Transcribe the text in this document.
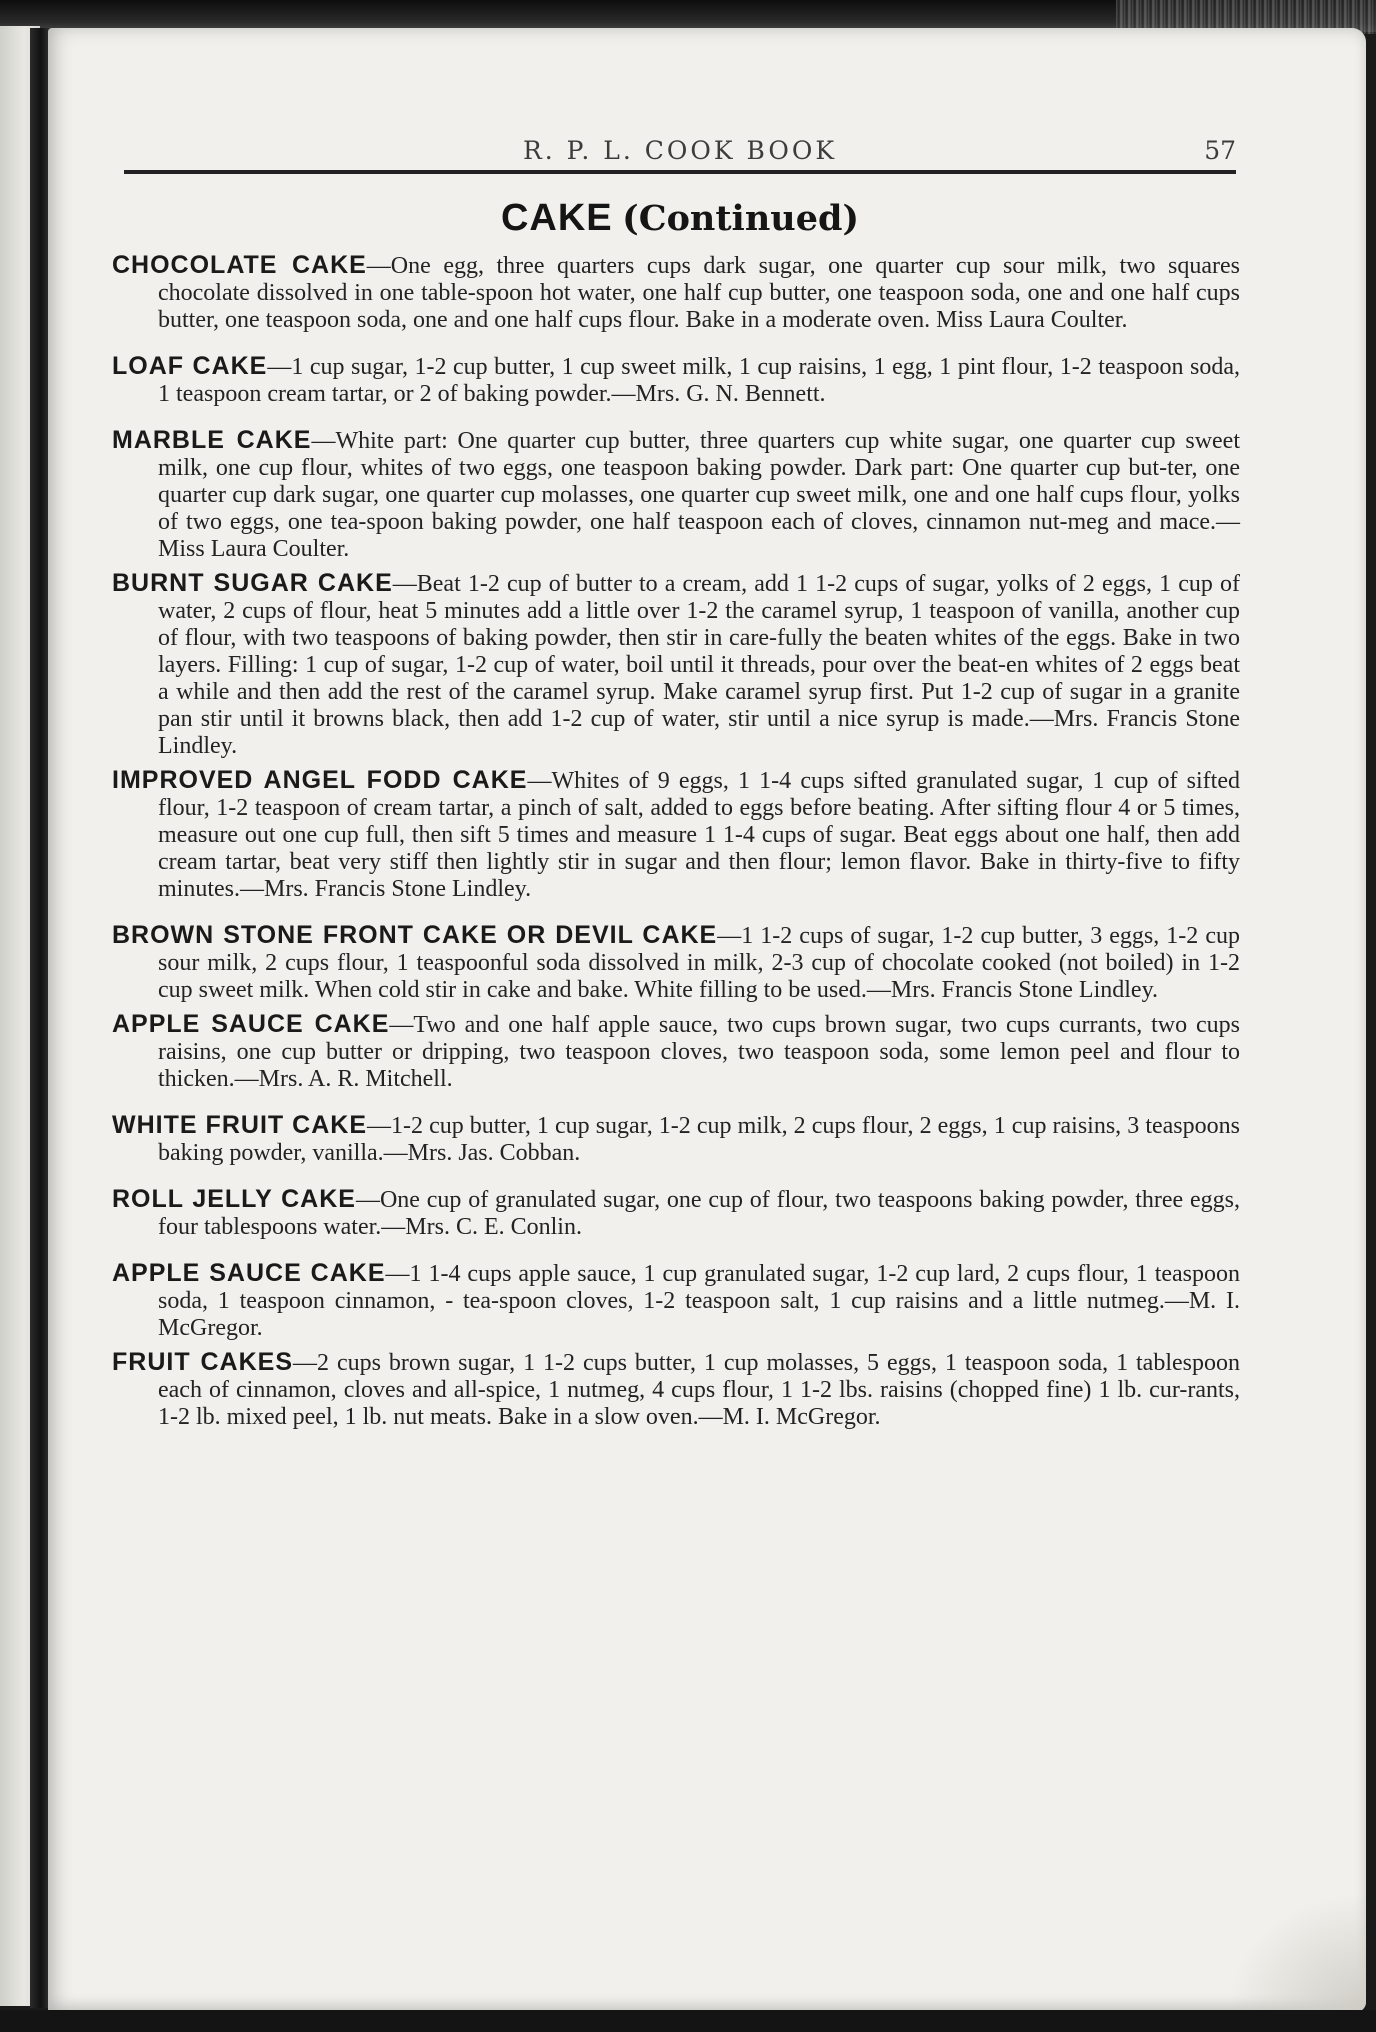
R. P. L. COOK BOOK	57
CAKE (Continued)

CHOCOLATE CAKE—One egg, three quarters cups dark sugar, one quarter cup sour milk, two squares chocolate dissolved in one table-spoon hot water, one half cup butter, one teaspoon soda, one and one half cups butter, one teaspoon soda, one and one half cups flour. Bake in a moderate oven. Miss Laura Coulter.

LOAF CAKE—1 cup sugar, 1-2 cup butter, 1 cup sweet milk, 1 cup raisins, 1 egg, 1 pint flour, 1-2 teaspoon soda, 1 teaspoon cream tartar, or 2 of baking powder.—Mrs. G. N. Bennett.

MARBLE CAKE—White part: One quarter cup butter, three quarters cup white sugar, one quarter cup sweet milk, one cup flour, whites of two eggs, one teaspoon baking powder. Dark part: One quarter cup but-ter, one quarter cup dark sugar, one quarter cup molasses, one quarter cup sweet milk, one and one half cups flour, yolks of two eggs, one tea-spoon baking powder, one half teaspoon each of cloves, cinnamon nut-meg and mace.—Miss Laura Coulter.

BURNT SUGAR CAKE—Beat 1-2 cup of butter to a cream, add 1 1-2 cups of sugar, yolks of 2 eggs, 1 cup of water, 2 cups of flour, heat 5 minutes add a little over 1-2 the caramel syrup, 1 teaspoon of vanilla, another cup of flour, with two teaspoons of baking powder, then stir in care-fully the beaten whites of the eggs. Bake in two layers. Filling: 1 cup of sugar, 1-2 cup of water, boil until it threads, pour over the beat-en whites of 2 eggs beat a while and then add the rest of the caramel syrup. Make caramel syrup first. Put 1-2 cup of sugar in a granite pan stir until it browns black, then add 1-2 cup of water, stir until a nice syrup is made.—Mrs. Francis Stone Lindley.

IMPROVED ANGEL FODD CAKE—Whites of 9 eggs, 1 1-4 cups sifted granulated sugar, 1 cup of sifted flour, 1-2 teaspoon of cream tartar, a pinch of salt, added to eggs before beating. After sifting flour 4 or 5 times, measure out one cup full, then sift 5 times and measure 1 1-4 cups of sugar. Beat eggs about one half, then add cream tartar, beat very stiff then lightly stir in sugar and then flour; lemon flavor. Bake in thirty-five to fifty minutes.—Mrs. Francis Stone Lindley.

BROWN STONE FRONT CAKE OR DEVIL CAKE—1 1-2 cups of sugar, 1-2 cup butter, 3 eggs, 1-2 cup sour milk, 2 cups flour, 1 teaspoonful soda dissolved in milk, 2-3 cup of chocolate cooked (not boiled) in 1-2 cup sweet milk. When cold stir in cake and bake. White filling to be used.—Mrs. Francis Stone Lindley.

APPLE SAUCE CAKE—Two and one half apple sauce, two cups brown sugar, two cups currants, two cups raisins, one cup butter or dripping, two teaspoon cloves, two teaspoon soda, some lemon peel and flour to thicken.—Mrs. A. R. Mitchell.

WHITE FRUIT CAKE—1-2 cup butter, 1 cup sugar, 1-2 cup milk, 2 cups flour, 2 eggs, 1 cup raisins, 3 teaspoons baking powder, vanilla.—Mrs. Jas. Cobban.

ROLL JELLY CAKE—One cup of granulated sugar, one cup of flour, two teaspoons baking powder, three eggs, four tablespoons water.—Mrs. C. E. Conlin.

APPLE SAUCE CAKE—1 1-4 cups apple sauce, 1 cup granulated sugar, 1-2 cup lard, 2 cups flour, 1 teaspoon soda, 1 teaspoon cinnamon, - tea-spoon cloves, 1-2 teaspoon salt, 1 cup raisins and a little nutmeg.—M. I. McGregor.

FRUIT CAKES—2 cups brown sugar, 1 1-2 cups butter, 1 cup molasses, 5 eggs, 1 teaspoon soda, 1 tablespoon each of cinnamon, cloves and all-spice, 1 nutmeg, 4 cups flour, 1 1-2 lbs. raisins (chopped fine) 1 lb. cur-rants, 1-2 lb. mixed peel, 1 lb. nut meats. Bake in a slow oven.—M. I. McGregor.
